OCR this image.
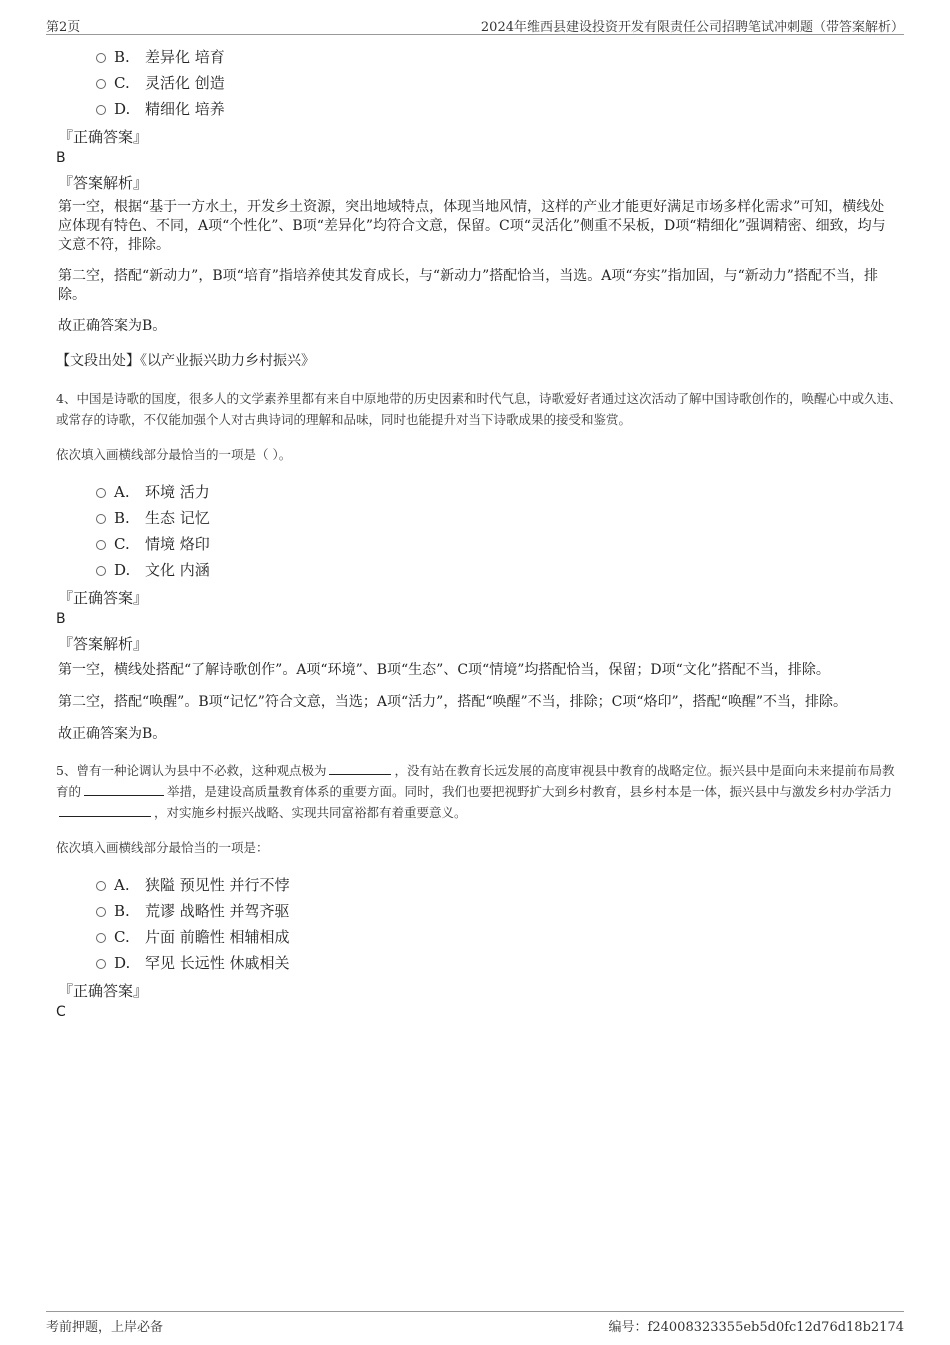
第2页	2024年维西县建设投资开发有限责任公司招聘笔试冲刺题（带答案解析）
B. 差异化 培育
C. 灵活化 创造
D. 精细化 培养
『正确答案』
B
『答案解析』
第一空，根据“基于一方水土，开发乡土资源，突出地域特点，体现当地风情，这样的产业才能更好满足市场多样化需求”可知，横线处应体现有特色、不同，A项“个性化”、B项“差异化”均符合文意，保留。C项“灵活化”侧重不呆板，D项“精细化”强调精密、细致，均与文意不符，排除。
第二空，搭配“新动力”，B项“培育”指培养使其发育成长，与“新动力”搭配恰当，当选。A项“夯实”指加固，与“新动力”搭配不当，排除。
故正确答案为B。
【文段出处】《以产业振兴助力乡村振兴》
4、中国是诗歌的国度，很多人的文学素养里都有来自中原地带的历史因素和时代气息，诗歌爱好者通过这次活动了解中国诗歌创作的，唤醒心中或久违、或常存的诗歌，不仅能加强个人对古典诗词的理解和品味，同时也能提升对当下诗歌成果的接受和鉴赏。
依次填入画横线部分最恰当的一项是（ ）。
A. 环境 活力
B. 生态 记忆
C. 情境 烙印
D. 文化 内涵
『正确答案』
B
『答案解析』
第一空，横线处搭配“了解诗歌创作”。A项“环境”、B项“生态”、C项“情境”均搭配恰当，保留；D项“文化”搭配不当，排除。
第二空，搭配“唤醒”。B项“记忆”符合文意，当选；A项“活力”，搭配“唤醒”不当，排除；C项“烙印”，搭配“唤醒”不当，排除。
故正确答案为B。
5、曾有一种论调认为县中不必救，这种观点极为	，没有站在教育长远发展的高度审视县中教育的战略定位。振兴县中是面向未来提前布局教育的	举措，是建设高质量教育体系的重要方面。同时，我们也要把视野扩大到乡村教育，县乡村本是一体，振兴县中与激发乡村办学活力，对实施乡村振兴战略、实现共同富裕都有着重要意义。
依次填入画横线部分最恰当的一项是：
A. 狭隘 预见性 并行不悖
B. 荒谬 战略性 并驾齐驱
C. 片面 前瞻性 相辅相成
D. 罕见 长远性 休戚相关
『正确答案』
C
考前押题，上岸必备	编号：f24008323355eb5d0fc12d76d18b2174
